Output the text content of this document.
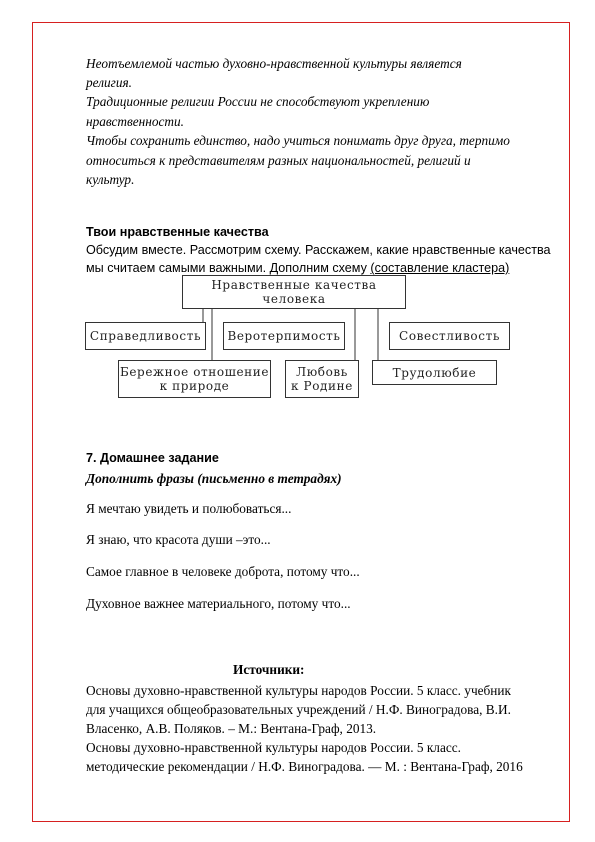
Неотъемлемой частью духовно-нравственной культуры является
религия.
Традиционные религии России не способствуют укреплению
нравственности.
Чтобы сохранить единство, надо учиться понимать друг друга, терпимо
относиться к представителям разных национальностей, религий и
культур.
Твои нравственные качества
Обсудим вместе. Рассмотрим схему. Расскажем, какие нравственные качества
мы считаем самыми важными. Дополним схему (составление кластера)
Нравственные качества
человека
Справедливость Веротерпимость	Совестливость
Бережное отношение
к природе
Любовь
к Родине
Трудолюбие
7. Домашнее задание
Дополнить фразы (письменно в тетрадях)
Я мечтаю увидеть и полюбоваться...
Я знаю, что красота души –это...
Самое главное в человеке доброта, потому что...
Духовное важнее материального, потому что...
Источники:
Основы духовно-нравственной культуры народов России. 5 класс. учебник
для учащихся общеобразовательных учреждений / Н.Ф. Виноградова, В.И.
Власенко, А.В. Поляков. – М.: Вентана-Граф, 2013.
Основы духовно-нравственной культуры народов России. 5 класс.
методические рекомендации / Н.Ф. Виноградова. — М. : Вентана-Граф, 2016
